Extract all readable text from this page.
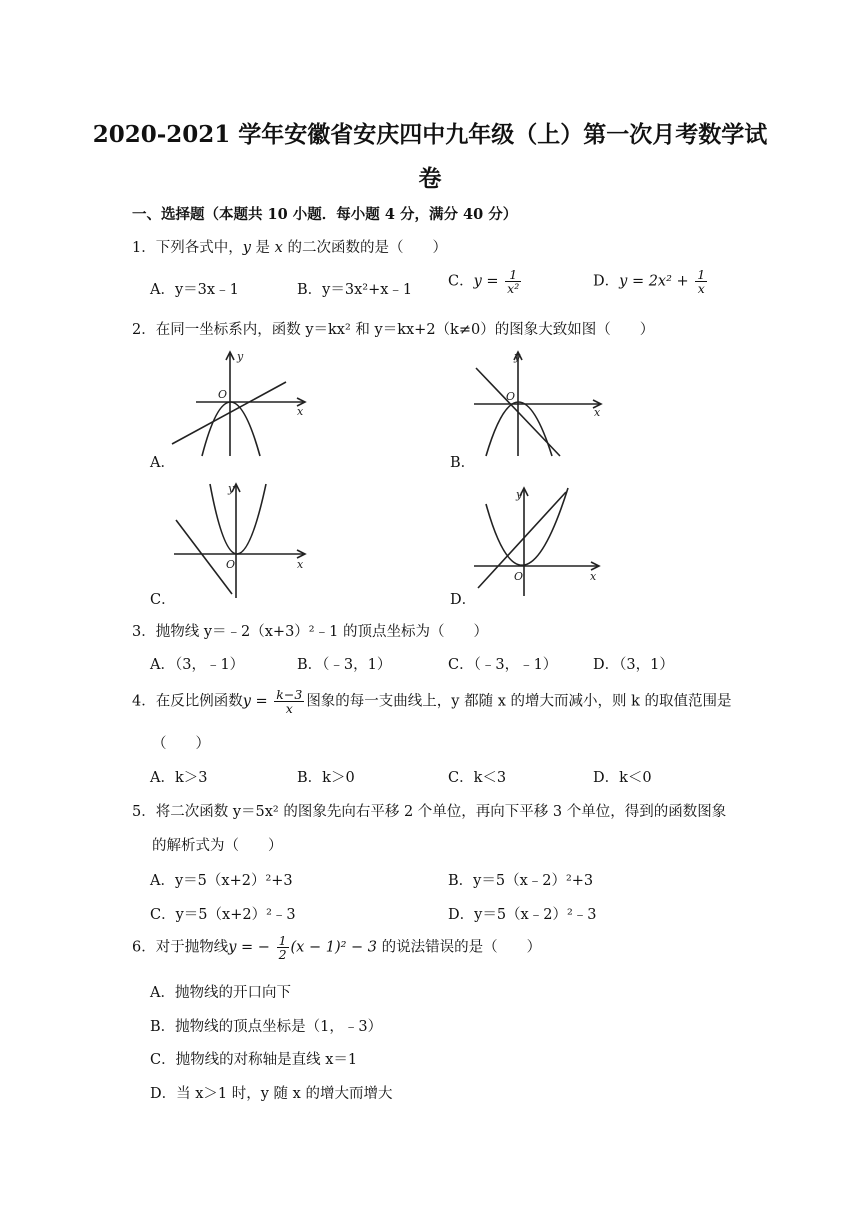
2020-2021 学年安徽省安庆四中九年级（上）第一次月考数学试
卷
一、选择题（本题共 10 小题．每小题 4 分，满分 40 分）
1．下列各式中，y 是 x 的二次函数的是（　　）
A．y＝3x﹣1	B．y＝3x²+x﹣1
C．$y = \frac{1}{\text{x²}}$	D．$y = 2x^2 + \frac{1}{x}$
2．在同一坐标系内，函数 y＝kx² 和 y＝kx+2（k≠0）的图象大致如图（　　）
y
x
O
A．
y
x
O
B．
y
x
O
C．
y
x
O
D．
3．抛物线 y＝﹣2（x+3）²﹣1 的顶点坐标为（　　）
A．（3，﹣1）	B．（﹣3，1）	C．（﹣3，﹣1） D．（3，1）
4．在反比例函数$y = \frac{k-3}{x}$ 图象的每一支曲线上，y 都随 x 的增大而减小，则 k 的取值范围是
（　　）
A．k＞3	B．k＞0	C．k＜3	D．k＜0
5．将二次函数 y＝5x² 的图象先向右平移 2 个单位，再向下平移 3 个单位，得到的函数图象
的解析式为（　　）
A．y＝5（x+2）²+3	B．y＝5（x﹣2）²+3
C．y＝5（x+2）²﹣3	D．y＝5（x﹣2）²﹣3
6．对于抛物线y = − $\frac{1}{2} (x - 1)^2 - 3$ 的说法错误的是（　　）
A．抛物线的开口向下
B．抛物线的顶点坐标是（1，﹣3）
C．抛物线的对称轴是直线 x＝1
D．当 x＞1 时，y 随 x 的增大而增大
